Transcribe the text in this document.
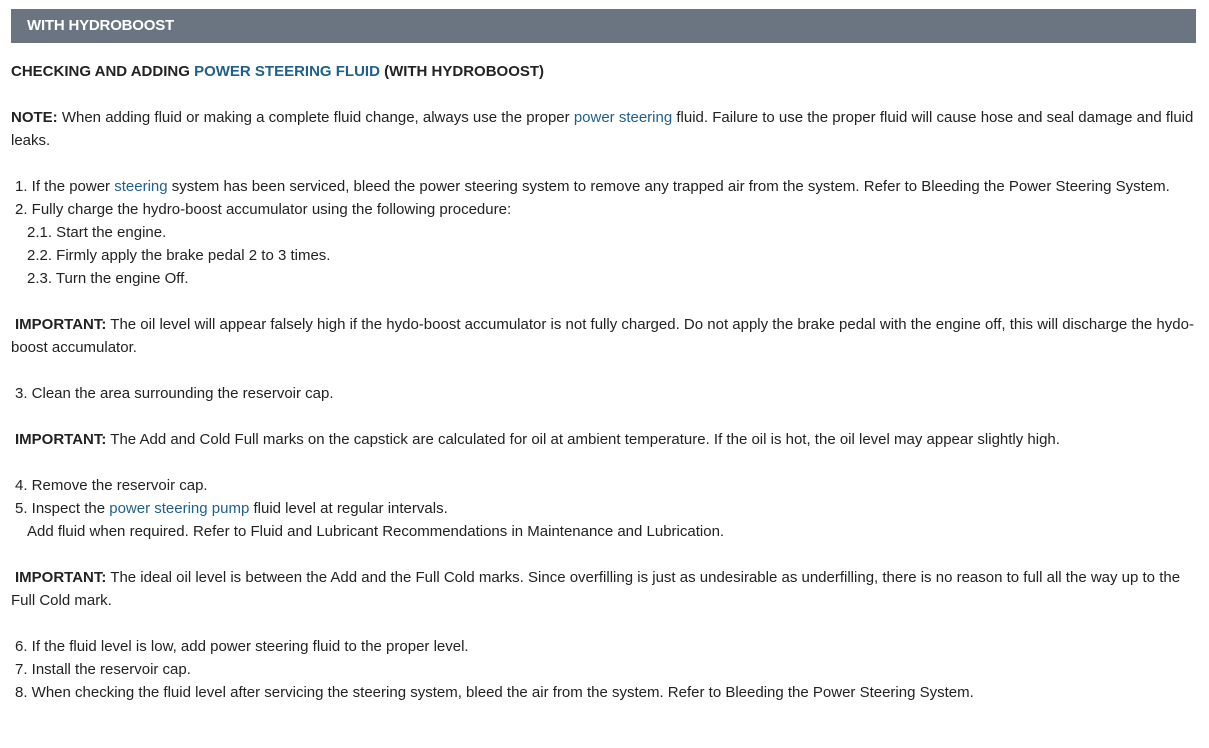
WITH HYDROBOOST

CHECKING AND ADDING POWER STEERING FLUID (WITH HYDROBOOST)

NOTE: When adding fluid or making a complete fluid change, always use the proper power steering fluid. Failure to use the proper fluid will cause hose and seal damage and fluid leaks.

1. If the power steering system has been serviced, bleed the power steering system to remove any trapped air from the system. Refer to Bleeding the Power Steering System.

2. Fully charge the hydro-boost accumulator using the following procedure:

2.1. Start the engine.

2.2. Firmly apply the brake pedal 2 to 3 times.

2.3. Turn the engine Off.

IMPORTANT: The oil level will appear falsely high if the hydo-boost accumulator is not fully charged. Do not apply the brake pedal with the engine off, this will discharge the hydo-boost accumulator.

3. Clean the area surrounding the reservoir cap.

IMPORTANT: The Add and Cold Full marks on the capstick are calculated for oil at ambient temperature. If the oil is hot, the oil level may appear slightly high.

4. Remove the reservoir cap.

5. Inspect the power steering pump fluid level at regular intervals.

Add fluid when required. Refer to Fluid and Lubricant Recommendations in Maintenance and Lubrication.

IMPORTANT: The ideal oil level is between the Add and the Full Cold marks. Since overfilling is just as undesirable as underfilling, there is no reason to full all the way up to the Full Cold mark.

6. If the fluid level is low, add power steering fluid to the proper level.

7. Install the reservoir cap.

8. When checking the fluid level after servicing the steering system, bleed the air from the system. Refer to Bleeding the Power Steering System.
